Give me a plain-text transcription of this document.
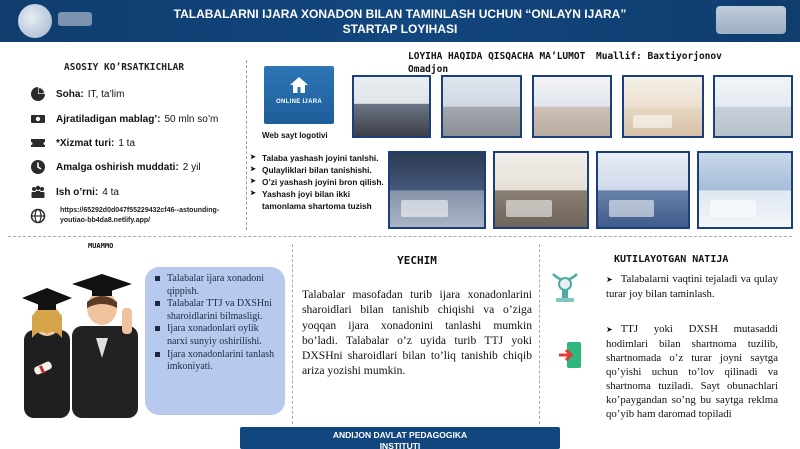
TALABALARNI IJARA XONADON BILAN TAMINLASH UCHUN “ONLAYN IJARA”
STARTAP LOYIHASI
ASOSIY KO’RSATKICHLAR
Soha: IT, ta’lim
Ajratiladigan mablag’: 50 mln so’m
*Xizmat turi: 1 ta
Amalga oshirish muddati: 2 yil
Ish o’rni: 4 ta
https://65292d0d047f55229432cf46--astounding-youtiao-bb4da8.netlify.app/
ONLINE IJARA
Web sayt logotivi
LOYIHA HAQIDA QISQACHA MA’LUMOT Muallif: Baxtiyorjonov
Omadjon
➤ Talaba yashash joyini tanlshi.
➤ Qulayliklari bilan tanishishi.
➤ O’zi yashash joyini bron qilish.
➤ Yashash joyi bilan ikki tamonlama shartoma tuzish
MUAMMO
Talabalar ijara xonadoni qippish.
Talabalar TTJ va DXSHni sharoidlarini bilmasligi.
Ijara xonadonlari oylik narxi sunyiy oshirilishi.
Ijara xonadonlarini tanlash imkoniyati.
YECHIM
Talabalar masofadan turib ijara xonadonlarini sharoidlari bilan tanishib chiqishi va o’ziga yoqqan ijara xonadonini tanlashi mumkin bo’ladi. Talabalar o’z uyida turib TTJ yoki DXSHni sharoidlari bilan to’liq tanishib chiqib ariza yozishi mumkin.
KUTILAYOTGAN NATIJA
➤ Talabalarni vaqtini tejaladi va qulay turar joy bilan taminlash.
➤ TTJ yoki DXSH mutasaddi hodimlari bilan shartnoma tuzilib, shartnomada o’z turar joyni saytga qo’yishi uchun to’lov qilinadi va shartnoma tuziladi. Sayt obunachlari ko’paygandan so’ng bu saytga reklma qo’yib ham daromad topiladi
ANDIJON DAVLAT PEDAGOGIKA
INSTITUTI
